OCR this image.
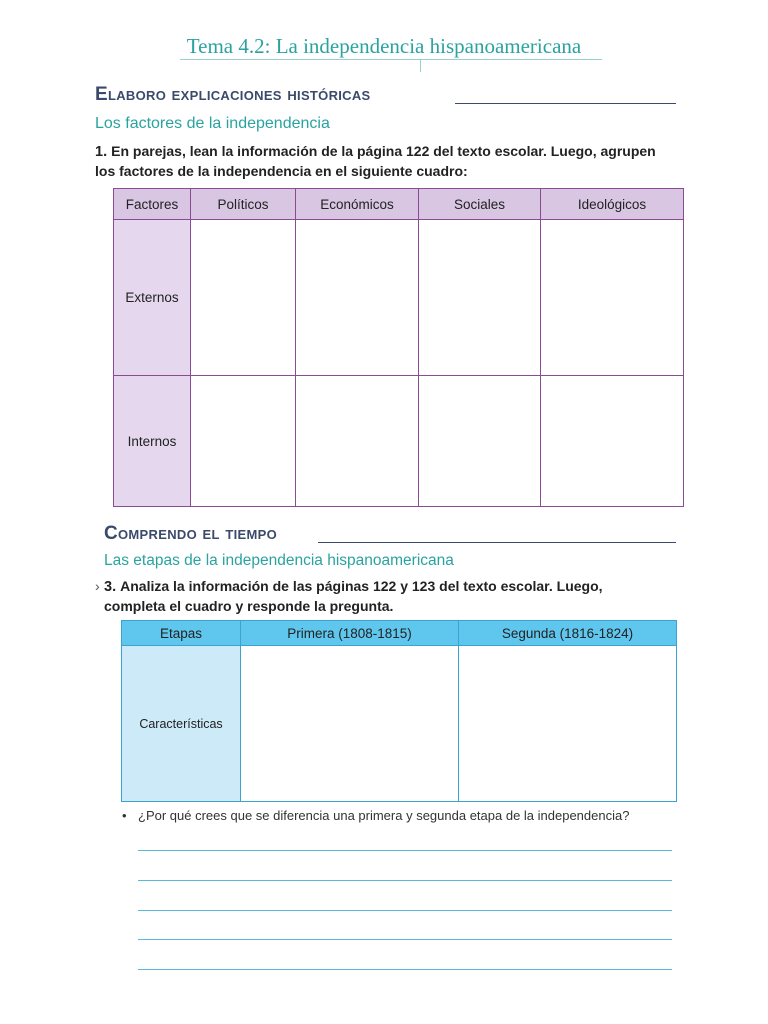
Tema 4.2: La independencia hispanoamericana
Elaboro explicaciones históricas
Los factores de la independencia
1. En parejas, lean la información de la página 122 del texto escolar. Luego, agrupen los factores de la independencia en el siguiente cuadro:
Factores	Políticos	Económicos	Sociales	Ideológicos
Externos				
Internos				
Comprendo el tiempo
Las etapas de la independencia hispanoamericana
› 3. Analiza la información de las páginas 122 y 123 del texto escolar. Luego, completa el cuadro y responde la pregunta.
Etapas	Primera (1808-1815)	Segunda (1816-1824)
Características		
• ¿Por qué crees que se diferencia una primera y segunda etapa de la independencia?
